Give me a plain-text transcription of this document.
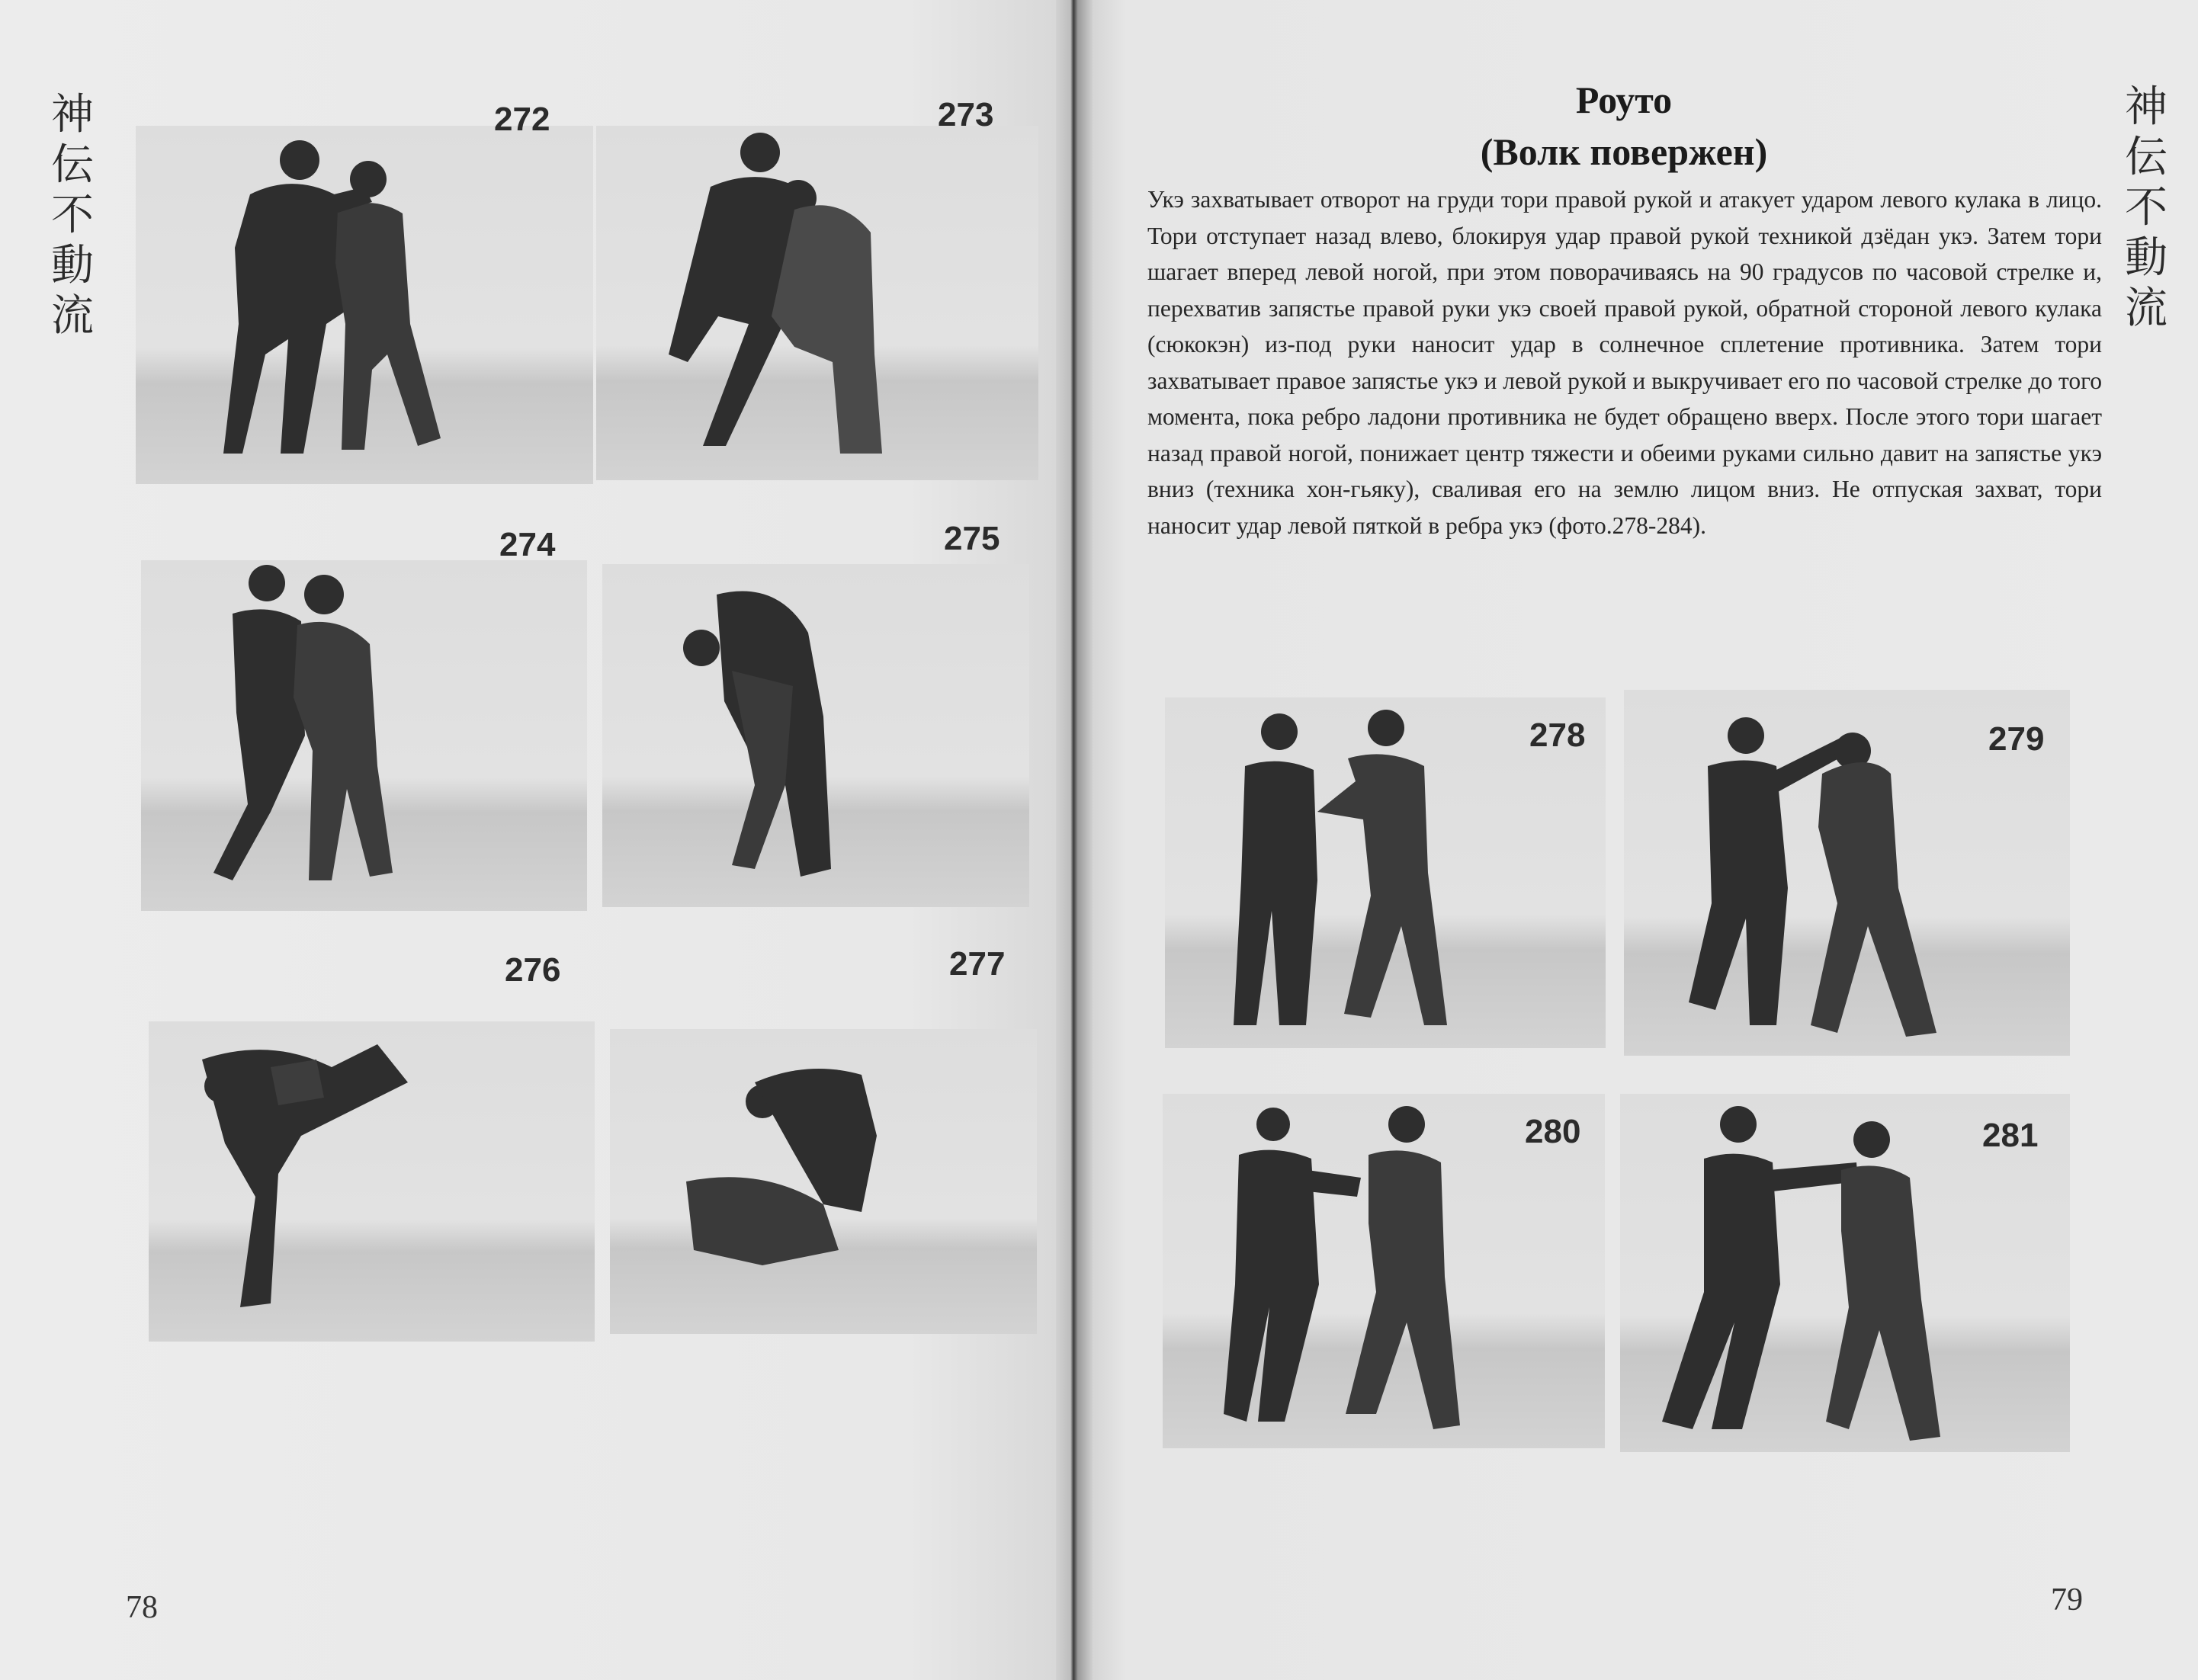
神
伝
不
動
流
神
伝
不
動
流
272	273
274	275
276	277
78
Роуто
(Волк повержен)
Укэ захватывает отворот на груди тори правой рукой и атакует ударом левого кулака в лицо. Тори отступает назад влево, блокируя удар правой рукой техникой дзёдан укэ. Затем тори шагает вперед левой ногой, при этом поворачиваясь на 90 градусов по часовой стрелке и, перехватив запястье правой руки укэ своей правой рукой, обратной стороной левого кулака (сюкокэн) из-под руки наносит удар в солнечное сплетение противника. Затем тори захватывает правое запястье укэ и левой рукой и выкручивает его по часовой стрелке до того момента, пока ребро ладони противника не будет обращено вверх. После этого тори шагает назад правой ногой, понижает центр тяжести и обеими руками сильно давит на запястье укэ вниз (техника хон-гьяку), сваливая его на землю лицом вниз. Не отпуская захват, тори наносит удар левой пяткой в ребра укэ (фото.278-284).
278	279
280	281
79
